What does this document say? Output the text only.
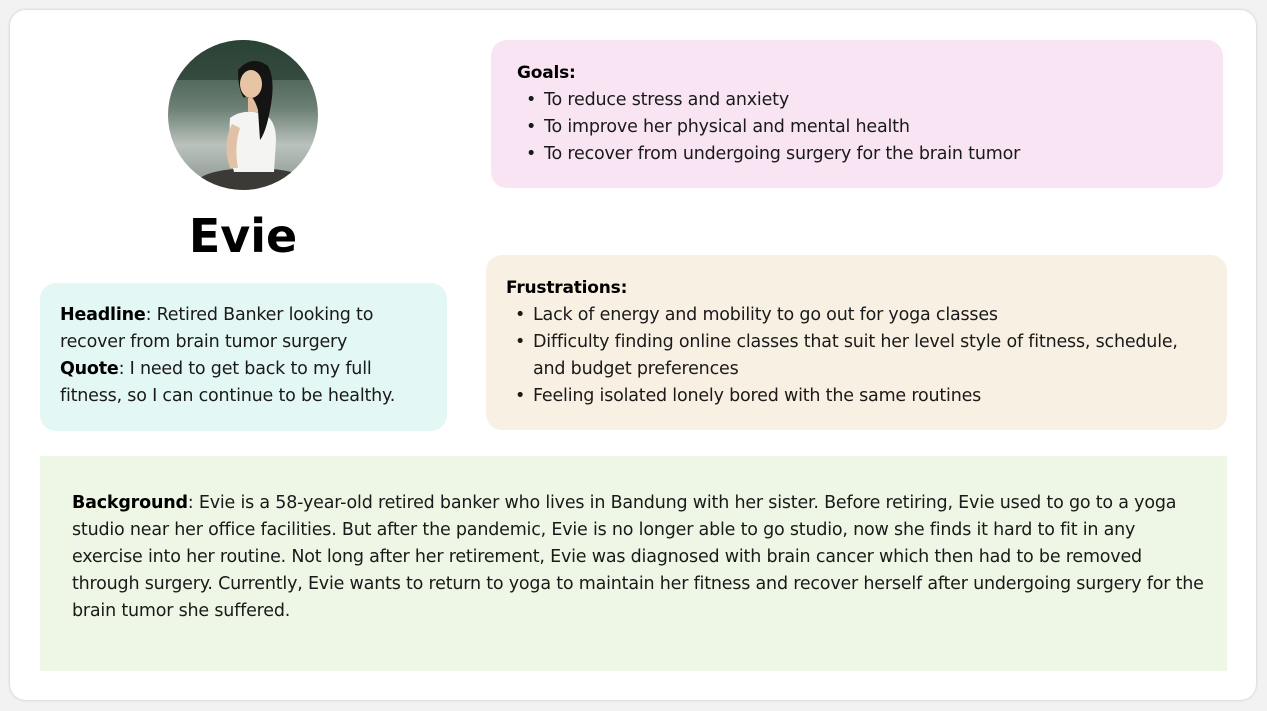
Evie
Headline: Retired Banker looking to recover from brain tumor surgery
Quote: I need to get back to my full fitness, so I can continue to be healthy.
Goals:
• To reduce stress and anxiety
• To improve her physical and mental health
• To recover from undergoing surgery for the brain tumor
Frustrations:
• Lack of energy and mobility to go out for yoga classes
• Difficulty finding online classes that suit her level style of fitness, schedule, and budget preferences
• Feeling isolated lonely bored with the same routines
Background: Evie is a 58-year-old retired banker who lives in Bandung with her sister. Before retiring, Evie used to go to a yoga studio near her office facilities. But after the pandemic, Evie is no longer able to go studio, now she finds it hard to fit in any exercise into her routine. Not long after her retirement, Evie was diagnosed with brain cancer which then had to be removed through surgery. Currently, Evie wants to return to yoga to maintain her fitness and recover herself after undergoing surgery for the brain tumor she suffered.
